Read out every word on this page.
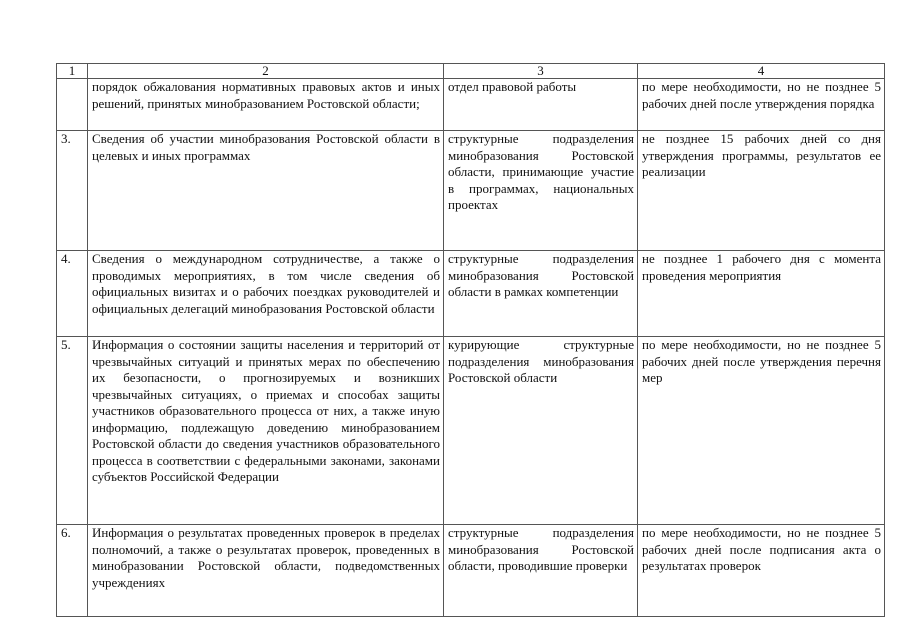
1	2	3	4
	порядок обжалования нормативных правовых актов и иных решений, принятых минобразованием Ростовской области;	отдел правовой работы	по мере необходимости, но не позднее 5 рабочих дней после утверждения порядка
3.	Сведения об участии минобразования Ростовской области в целевых и иных программах	структурные подразделения минобразования Ростовской области, принимающие участие в программах, национальных проектах	не позднее 15 рабочих дней со дня утверждения программы, результатов ее реализации
4.	Сведения о международном сотрудничестве, а также о проводимых мероприятиях, в том числе сведения об официальных визитах и о рабочих поездках руководителей и официальных делегаций минобразования Ростовской области	структурные подразделения минобразования Ростовской области в рамках компетенции	не позднее 1 рабочего дня с момента проведения мероприятия
5.	Информация о состоянии защиты населения и территорий от чрезвычайных ситуаций и принятых мерах по обеспечению их безопасности, о прогнозируемых и возникших чрезвычайных ситуациях, о приемах и способах защиты участников образовательного процесса от них, а также иную информацию, подлежащую доведению минобразованием Ростовской области до сведения участников образовательного процесса в соответствии с федеральными законами, законами субъектов Российской Федерации	курирующие структурные подразделения минобразования Ростовской области	по мере необходимости, но не позднее 5 рабочих дней после утверждения перечня мер
6.	Информация о результатах проведенных проверок в пределах полномочий, а также о результатах проверок, проведенных в минобразовании Ростовской области, подведомственных учреждениях	структурные подразделения минобразования Ростовской области, проводившие проверки	по мере необходимости, но не позднее 5 рабочих дней после подписания акта о результатах проверок
